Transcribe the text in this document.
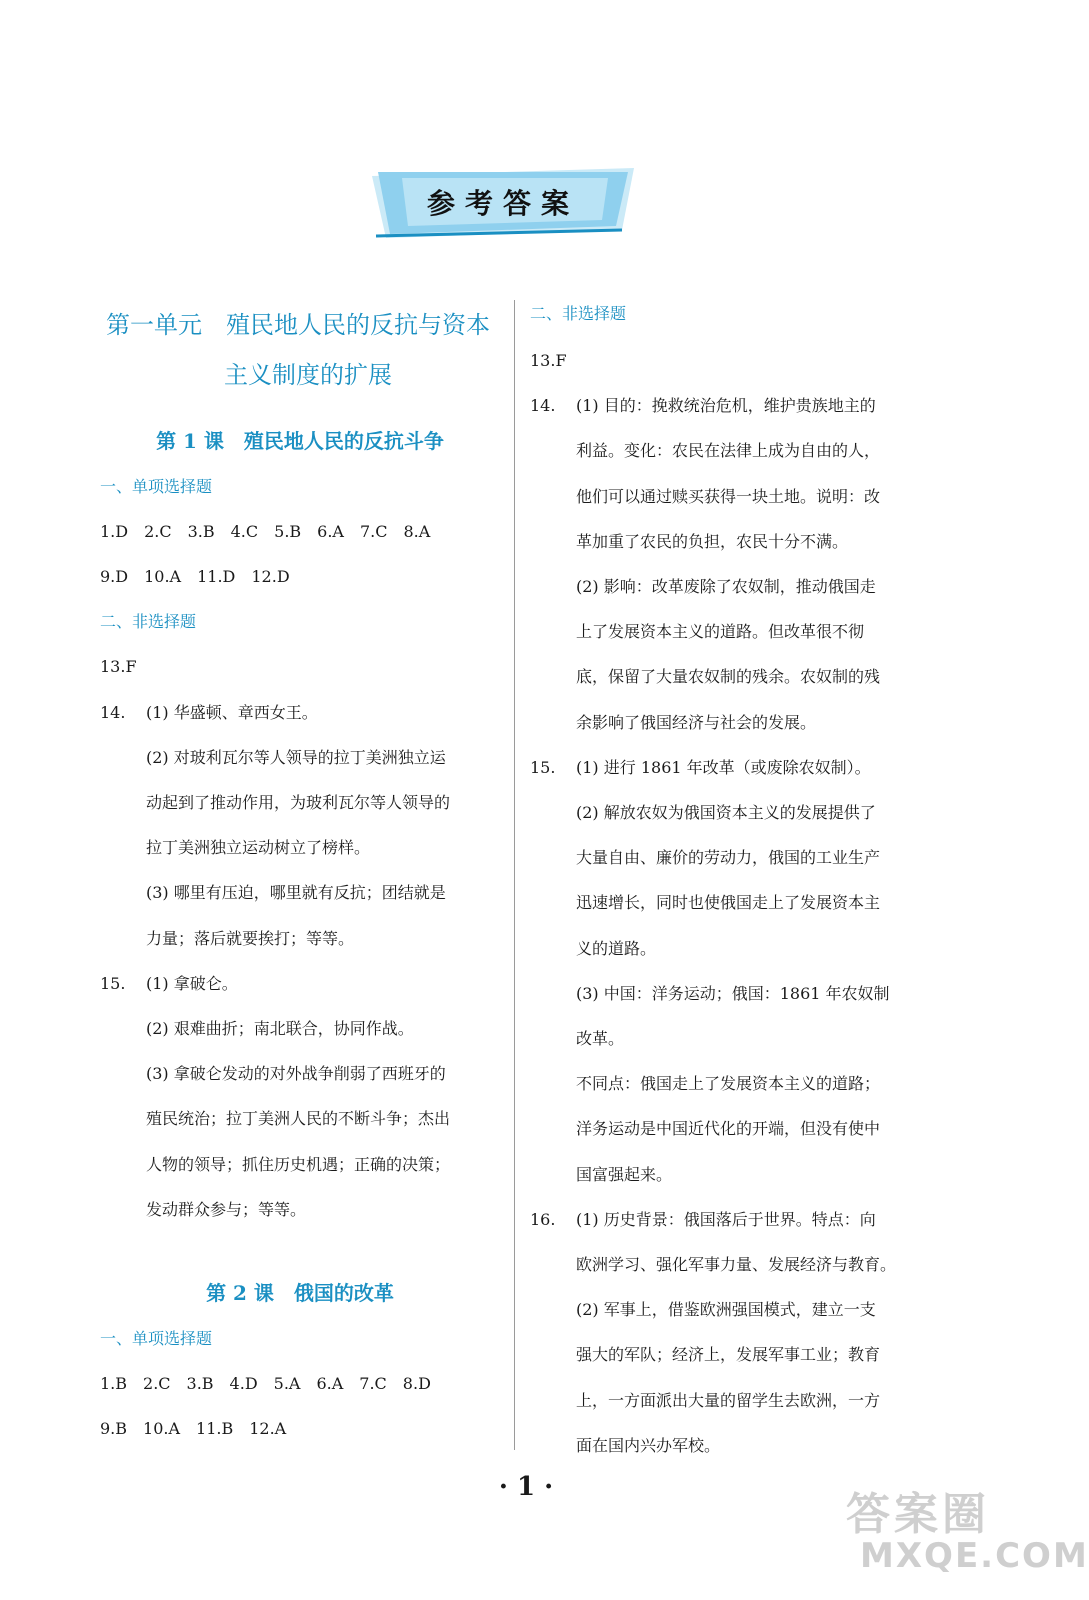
参考答案

第一单元　殖民地人民的反抗与资本

主义制度的扩展

第 1 课　殖民地人民的反抗斗争

一、单项选择题

1.D　2.C　3.B　4.C　5.B　6.A　7.C　8.A

9.D　10.A　11.D　12.D

二、非选择题

13.F

14. (1) 华盛顿、章西女王。

(2) 对玻利瓦尔等人领导的拉丁美洲独立运

动起到了推动作用，为玻利瓦尔等人领导的

拉丁美洲独立运动树立了榜样。

(3) 哪里有压迫，哪里就有反抗；团结就是

力量；落后就要挨打；等等。

15. (1) 拿破仑。

(2) 艰难曲折；南北联合，协同作战。

(3) 拿破仑发动的对外战争削弱了西班牙的

殖民统治；拉丁美洲人民的不断斗争；杰出

人物的领导；抓住历史机遇；正确的决策；

发动群众参与；等等。

第 2 课　俄国的改革

一、单项选择题

1.B　2.C　3.B　4.D　5.A　6.A　7.C　8.D

9.B　10.A　11.B　12.A

二、非选择题

13.F

14. (1) 目的：挽救统治危机，维护贵族地主的

利益。变化：农民在法律上成为自由的人，

他们可以通过赎买获得一块土地。说明：改

革加重了农民的负担，农民十分不满。

(2) 影响：改革废除了农奴制，推动俄国走

上了发展资本主义的道路。但改革很不彻

底，保留了大量农奴制的残余。农奴制的残

余影响了俄国经济与社会的发展。

15. (1) 进行 1861 年改革（或废除农奴制）。

(2) 解放农奴为俄国资本主义的发展提供了

大量自由、廉价的劳动力，俄国的工业生产

迅速增长，同时也使俄国走上了发展资本主

义的道路。

(3) 中国：洋务运动；俄国：1861 年农奴制

改革。

不同点：俄国走上了发展资本主义的道路；

洋务运动是中国近代化的开端，但没有使中

国富强起来。

16. (1) 历史背景：俄国落后于世界。特点：向

欧洲学习、强化军事力量、发展经济与教育。

(2) 军事上，借鉴欧洲强国模式，建立一支

强大的军队；经济上，发展军事工业；教育

上，一方面派出大量的留学生去欧洲，一方

面在国内兴办军校。

· 1 ·
答案圈
MXQE.COM
